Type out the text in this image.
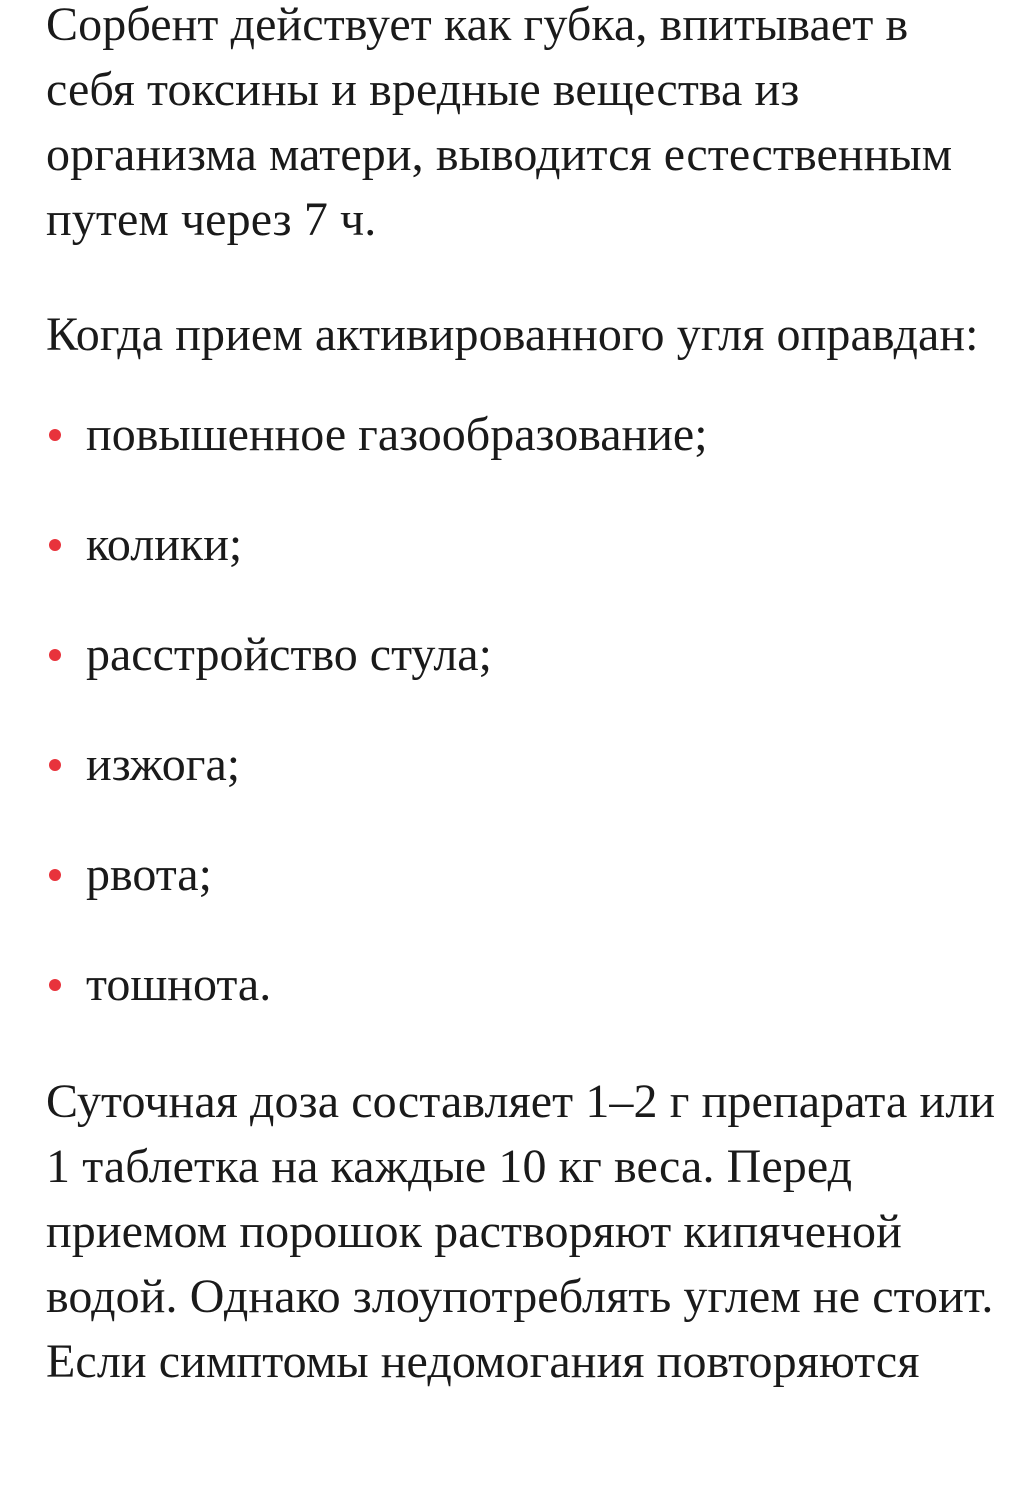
Сорбент действует как губка, впитывает в себя токсины и вредные вещества из организма матери, выводится естественным путем через 7 ч.

Когда прием активированного угля оправдан:

повышенное газообразование;
колики;
расстройство стула;
изжога;
рвота;
тошнота.

Суточная доза составляет 1–2 г препарата или 1 таблетка на каждые 10 кг веса. Перед приемом порошок растворяют кипяченой водой. Однако злоупотреблять углем не стоит. Если симптомы недомогания повторяются
